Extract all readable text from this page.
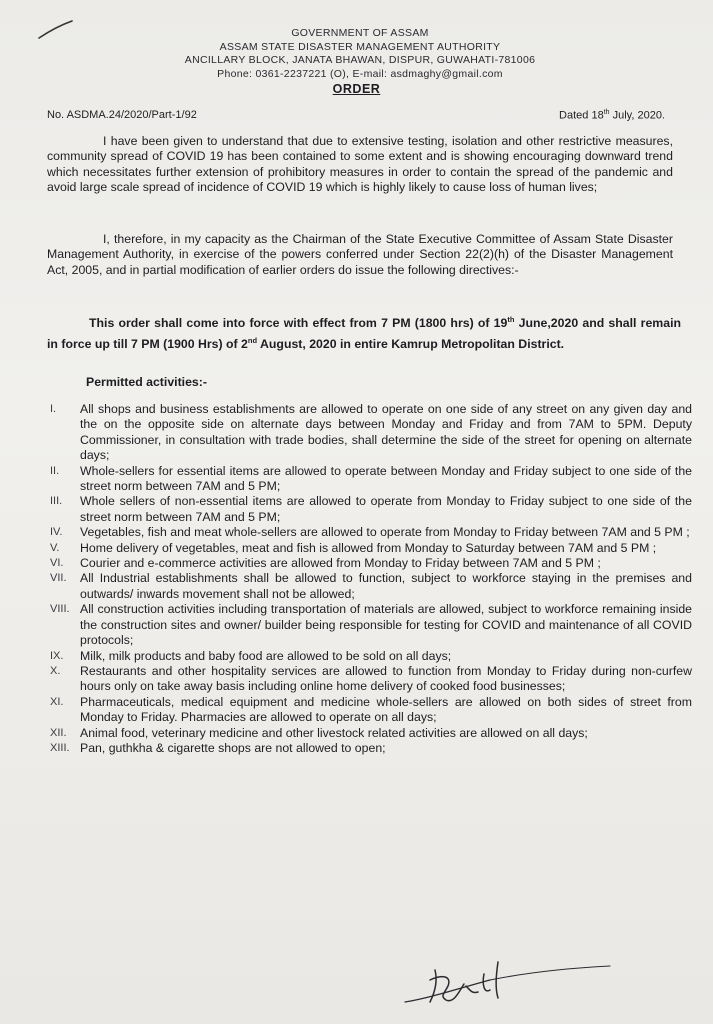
GOVERNMENT OF ASSAM
ASSAM STATE DISASTER MANAGEMENT AUTHORITY
ANCILLARY BLOCK, JANATA BHAWAN, DISPUR, GUWAHATI-781006
Phone: 0361-2237221 (O), E-mail: asdmaghy@gmail.com
ORDER
No. ASDMA.24/2020/Part-1/92	Dated 18th July, 2020.

I have been given to understand that due to extensive testing, isolation and other restrictive measures, community spread of COVID 19 has been contained to some extent and is showing encouraging downward trend which necessitates further extension of prohibitory measures in order to contain the spread of the pandemic and avoid large scale spread of incidence of COVID 19 which is highly likely to cause loss of human lives;

I, therefore, in my capacity as the Chairman of the State Executive Committee of Assam State Disaster Management Authority, in exercise of the powers conferred under Section 22(2)(h) of the Disaster Management Act, 2005, and in partial modification of earlier orders do issue the following directives:-

This order shall come into force with effect from 7 PM (1800 hrs) of 19th June,2020 and shall remain in force up till 7 PM (1900 Hrs) of 2nd August, 2020 in entire Kamrup Metropolitan District.

Permitted activities:-
I.	All shops and business establishments are allowed to operate on one side of any street on any given day and the on the opposite side on alternate days between Monday and Friday and from 7AM to 5PM. Deputy Commissioner, in consultation with trade bodies, shall determine the side of the street for opening on alternate days;
II.	Whole-sellers for essential items are allowed to operate between Monday and Friday subject to one side of the street norm between 7AM and 5 PM;
III.	Whole sellers of non-essential items are allowed to operate from Monday to Friday subject to one side of the street norm between 7AM and 5 PM;
IV.	Vegetables, fish and meat whole-sellers are allowed to operate from Monday to Friday between 7AM and 5 PM ;
V.	Home delivery of vegetables, meat and fish is allowed from Monday to Saturday between 7AM and 5 PM ;
VI.	Courier and e-commerce activities are allowed from Monday to Friday between 7AM and 5 PM ;
VII.	All Industrial establishments shall be allowed to function, subject to workforce staying in the premises and outwards/ inwards movement shall not be allowed;
VIII. All construction activities including transportation of materials are allowed, subject to workforce remaining inside the construction sites and owner/ builder being responsible for testing for COVID and maintenance of all COVID protocols;
IX.	Milk, milk products and baby food are allowed to be sold on all days;
X.	Restaurants and other hospitality services are allowed to function from Monday to Friday during non-curfew hours only on take away basis including online home delivery of cooked food businesses;
XI.	Pharmaceuticals, medical equipment and medicine whole-sellers are allowed on both sides of street from Monday to Friday. Pharmacies are allowed to operate on all days;
XII.	Animal food, veterinary medicine and other livestock related activities are allowed on all days;
XIII. Pan, guthkha & cigarette shops are not allowed to open;
